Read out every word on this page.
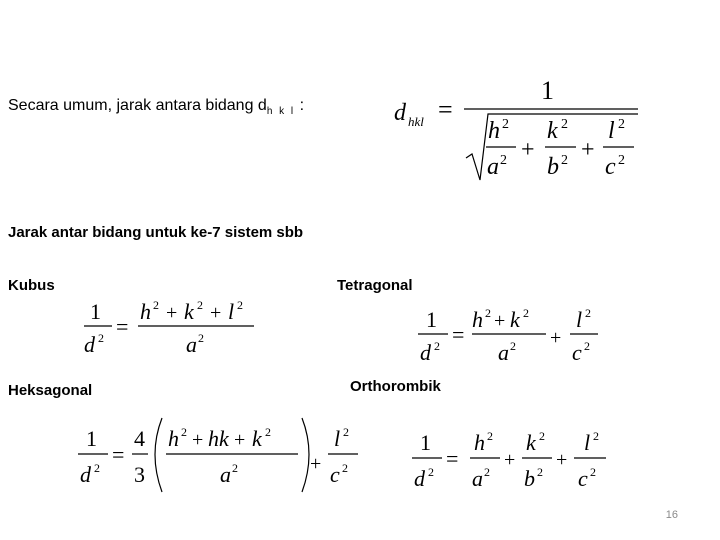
Secara umum, jarak antara bidang $d_{h k l}$ :	d hkl =
1
h 2
a 2 +
k 2
b 2 +
l 2
c 2
Jarak antar bidang untuk ke-7 sistem sbb
Kubus	Tetragonal
Heksagonal	Orthorombik
1
d 2 =
h 2 + k 2 + l 2
a 2
1
d 2 =
h 2 + k 2
a 2 +
l 2
c 2
1
d 2
=
4
3
h 2 + hk + k 2
a 2	+
l 2
c 2
1
d 2
=
h 2
a 2
+
k 2
b 2
+
l 2
c 2
16
